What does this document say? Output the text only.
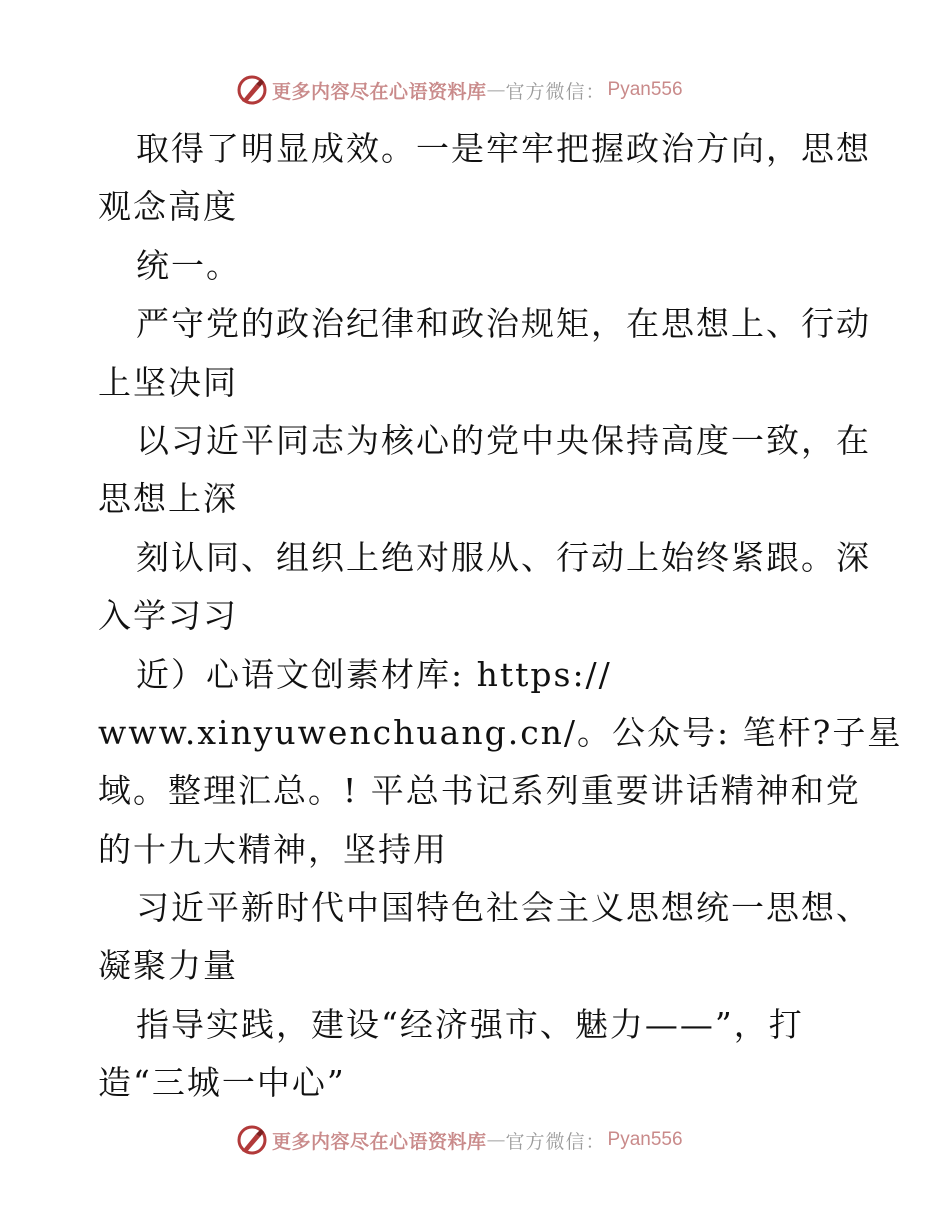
更多内容尽在心语资料库 — 官方微信： Pyan556
取得了明显成效。一是牢牢把握政治方向，思想
观念高度
统一。
严守党的政治纪律和政治规矩，在思想上、行动
上坚决同
以习近平同志为核心的党中央保持高度一致，在
思想上深
刻认同、组织上绝对服从、行动上始终紧跟。深
入学习习
近）心语文创素材库: https://
www.xinyuwenchuang.cn/。公众号: 笔杆?子星
域。整理汇总。! 平总书记系列重要讲话精神和党
的十九大精神，坚持用
习近平新时代中国特色社会主义思想统一思想、
凝聚力量
指导实践，建设“经济强市、魅力——”，打
造“三城一中心”
更多内容尽在心语资料库 — 官方微信： Pyan556
